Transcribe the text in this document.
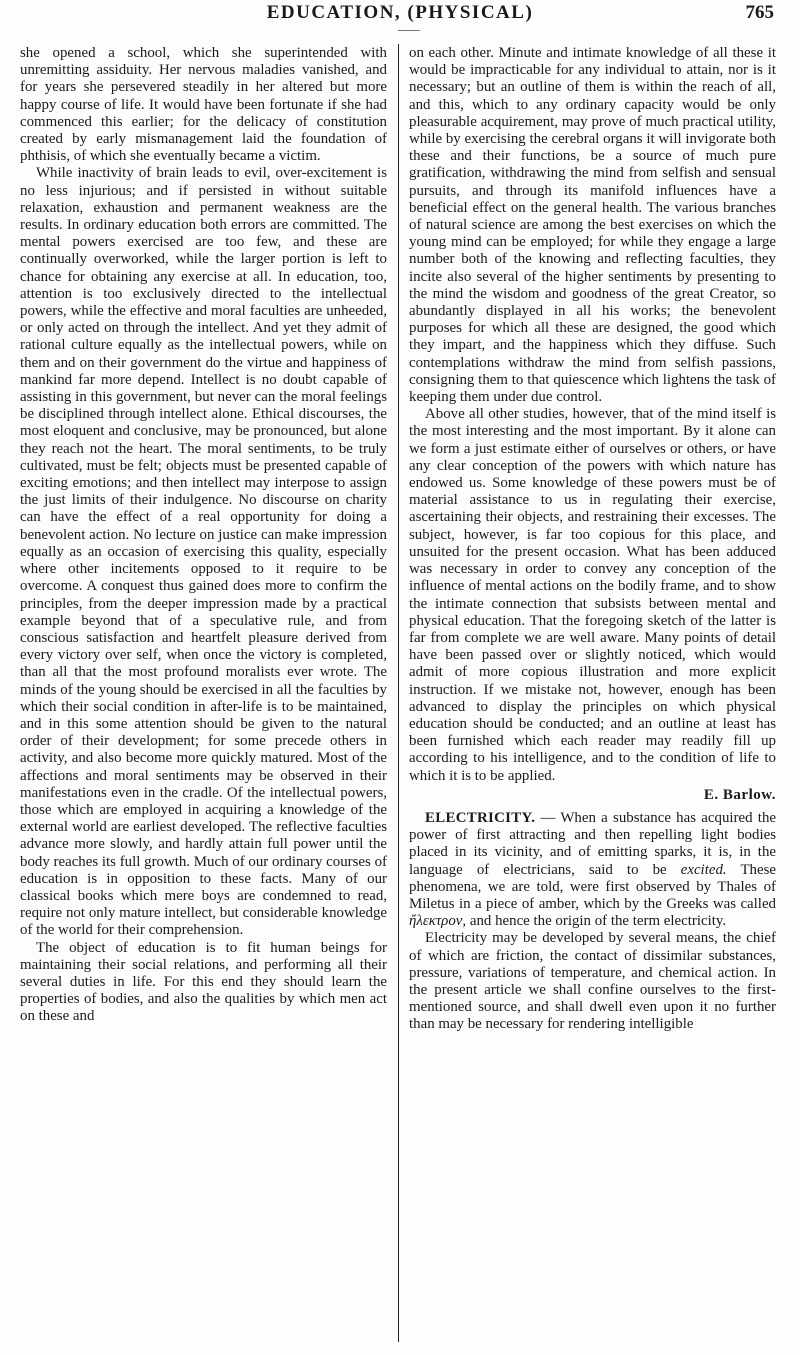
EDUCATION, (PHYSICAL)	765

she opened a school, which she superintended with unremitting assiduity. Her nervous maladies vanished, and for years she persevered steadily in her altered but more happy course of life. It would have been fortunate if she had commenced this earlier; for the delicacy of constitution created by early mismanagement laid the foundation of phthisis, of which she eventually became a victim.

While inactivity of brain leads to evil, over-excitement is no less injurious; and if persisted in without suitable relaxation, exhaustion and permanent weakness are the results. In ordinary education both errors are committed. The mental powers exercised are too few, and these are continually overworked, while the larger portion is left to chance for obtaining any exercise at all. In education, too, attention is too exclusively directed to the intellectual powers, while the effective and moral faculties are unheeded, or only acted on through the intellect. And yet they admit of rational culture equally as the intellectual powers, while on them and on their government do the virtue and happiness of mankind far more depend. Intellect is no doubt capable of assisting in this government, but never can the moral feelings be disciplined through intellect alone. Ethical discourses, the most eloquent and conclusive, may be pronounced, but alone they reach not the heart. The moral sentiments, to be truly cultivated, must be felt; objects must be presented capable of exciting emotions; and then intellect may interpose to assign the just limits of their indulgence. No discourse on charity can have the effect of a real opportunity for doing a benevolent action. No lecture on justice can make impression equally as an occasion of exercising this quality, especially where other incitements opposed to it require to be overcome. A conquest thus gained does more to confirm the principles, from the deeper impression made by a practical example beyond that of a speculative rule, and from conscious satisfaction and heartfelt pleasure derived from every victory over self, when once the victory is completed, than all that the most profound moralists ever wrote. The minds of the young should be exercised in all the faculties by which their social condition in after-life is to be maintained, and in this some attention should be given to the natural order of their development; for some precede others in activity, and also become more quickly matured. Most of the affections and moral sentiments may be observed in their manifestations even in the cradle. Of the intellectual powers, those which are employed in acquiring a knowledge of the external world are earliest developed. The reflective faculties advance more slowly, and hardly attain full power until the body reaches its full growth. Much of our ordinary courses of education is in opposition to these facts. Many of our classical books which mere boys are condemned to read, require not only mature intellect, but considerable knowledge of the world for their comprehension.

The object of education is to fit human beings for maintaining their social relations, and performing all their several duties in life. For this end they should learn the properties of bodies, and also the qualities by which men act on these and

on each other. Minute and intimate knowledge of all these it would be impracticable for any individual to attain, nor is it necessary; but an outline of them is within the reach of all, and this, which to any ordinary capacity would be only pleasurable acquirement, may prove of much practical utility, while by exercising the cerebral organs it will invigorate both these and their functions, be a source of much pure gratification, withdrawing the mind from selfish and sensual pursuits, and through its manifold influences have a beneficial effect on the general health. The various branches of natural science are among the best exercises on which the young mind can be employed; for while they engage a large number both of the knowing and reflecting faculties, they incite also several of the higher sentiments by presenting to the mind the wisdom and goodness of the great Creator, so abundantly displayed in all his works; the benevolent purposes for which all these are designed, the good which they impart, and the happiness which they diffuse. Such contemplations withdraw the mind from selfish passions, consigning them to that quiescence which lightens the task of keeping them under due control.

Above all other studies, however, that of the mind itself is the most interesting and the most important. By it alone can we form a just estimate either of ourselves or others, or have any clear conception of the powers with which nature has endowed us. Some knowledge of these powers must be of material assistance to us in regulating their exercise, ascertaining their objects, and restraining their excesses. The subject, however, is far too copious for this place, and unsuited for the present occasion. What has been adduced was necessary in order to convey any conception of the influence of mental actions on the bodily frame, and to show the intimate connection that subsists between mental and physical education. That the foregoing sketch of the latter is far from complete we are well aware. Many points of detail have been passed over or slightly noticed, which would admit of more copious illustration and more explicit instruction. If we mistake not, however, enough has been advanced to display the principles on which physical education should be conducted; and an outline at least has been furnished which each reader may readily fill up according to his intelligence, and to the condition of life to which it is to be applied.

E. Barlow.

ELECTRICITY. — When a substance has acquired the power of first attracting and then repelling light bodies placed in its vicinity, and of emitting sparks, it is, in the language of electricians, said to be excited. These phenomena, we are told, were first observed by Thales of Miletus in a piece of amber, which by the Greeks was called ἤλεκτρον, and hence the origin of the term electricity.

Electricity may be developed by several means, the chief of which are friction, the contact of dissimilar substances, pressure, variations of temperature, and chemical action. In the present article we shall confine ourselves to the first-mentioned source, and shall dwell even upon it no further than may be necessary for rendering intelligible
